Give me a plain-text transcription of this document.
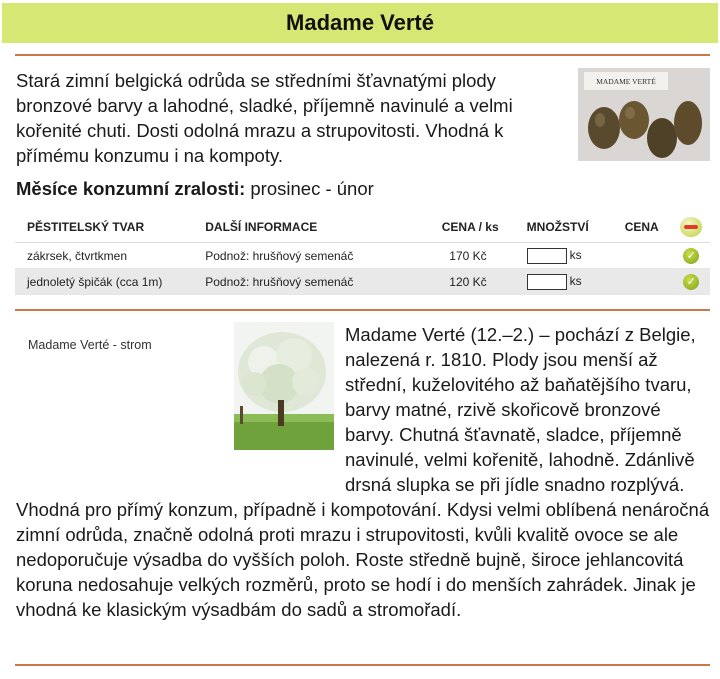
Madame Verté

Stará zimní belgická odrůda se středními šťavnatými plody bronzové barvy a lahodné, sladké, příjemně navinulé a velmi kořenité chuti. Dosti odolná mrazu a strupovitosti. Vhodná k přímému konzumu i na kompoty.

MADAME VERTÉ
Měsíce konzumní zralosti: prosinec - únor
PĚSTITELSKÝ TVAR	DALŠÍ INFORMACE	CENA / ks	MNOŽSTVÍ	CENA	
zákrsek, čtvrtkmen	Podnož: hrušňový semenáč	170 Kč	ks		✓
jednoletý špičák (cca 1m)	Podnož: hrušňový semenáč	120 Kč	ks		✓
Madame Verté (12.–2.) – pochází z Belgie, nalezená r. 1810. Plody jsou menší až střední, kuželovitého až baňatějšího tvaru, barvy matné, rzivě skořicově bronzové barvy. Chutná šťavnatě, sladce, příjemně navinulé, velmi kořenitě, lahodně. Zdánlivě drsná slupka se při jídle snadno rozplývá. Vhodná pro přímý konzum, případně i kompotování. Kdysi velmi oblíbená nenáročná zimní odrůda, značně odolná proti mrazu i strupovitosti, kvůli kvalitě ovoce se ale nedoporučuje výsadba do vyšších poloh. Roste středně bujně, široce jehlancovitá koruna nedosahuje velkých rozměrů, proto se hodí i do menších zahrádek. Jinak je vhodná ke klasickým výsadbám do sadů a stromořadí.
Madame Verté - strom
